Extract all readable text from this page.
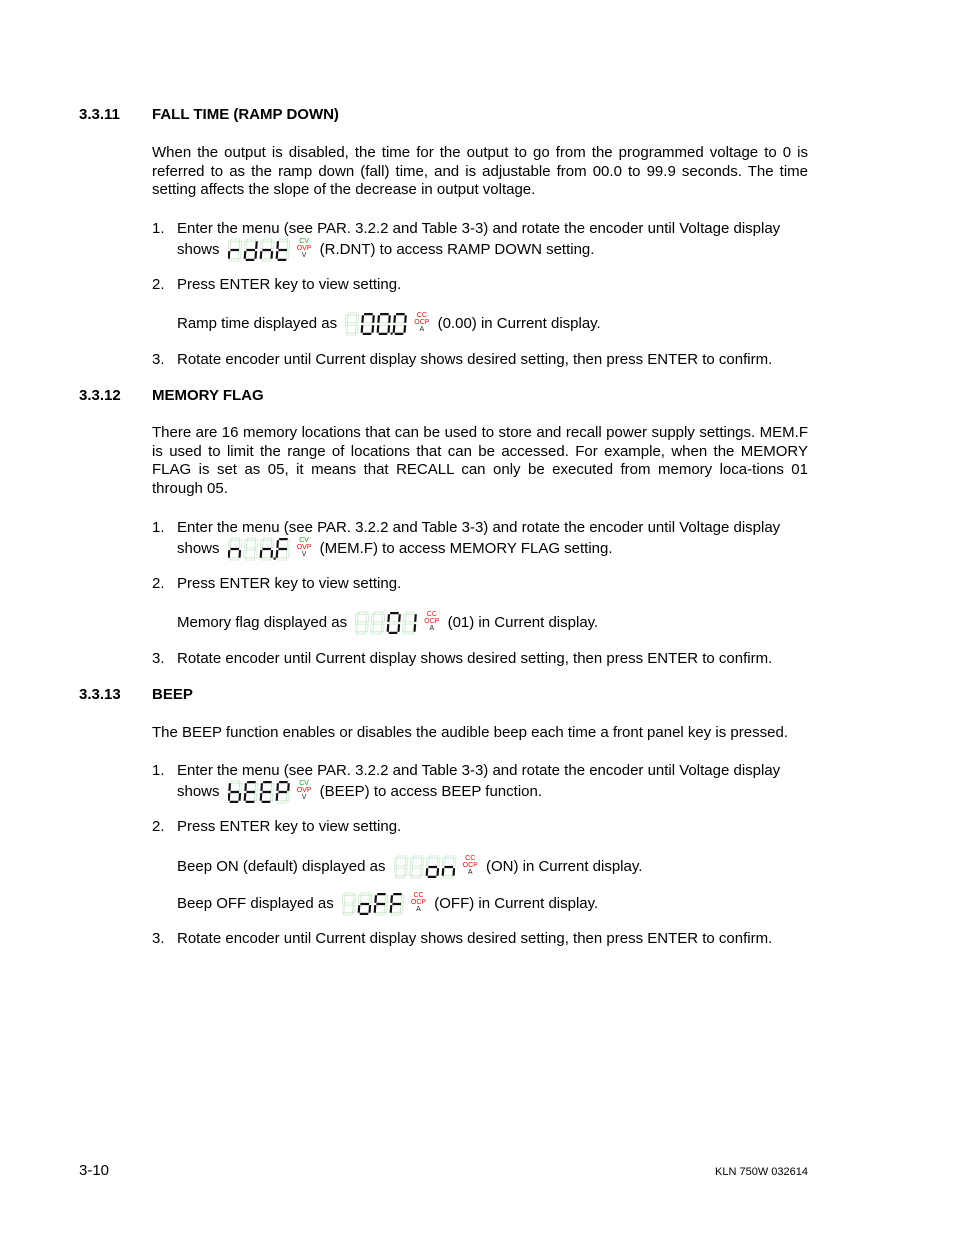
3.3.11 FALL TIME (RAMP DOWN)
When the output is disabled, the time for the output to go from the programmed voltage to 0 is referred to as the ramp down (fall) time, and is adjustable from 00.0 to 99.9 seconds. The time setting affects the slope of the decrease in output voltage.
1. Enter the menu (see PAR. 3.2.2 and Table 3-3) and rotate the encoder until Voltage display
shows	CV
OVP
V (R.DNT) to access RAMP DOWN setting.
2. Press ENTER key to view setting.
Ramp time displayed as	CC
OCP
A (0.00) in Current display.
3. Rotate encoder until Current display shows desired setting, then press ENTER to confirm.
3.3.12 MEMORY FLAG
There are 16 memory locations that can be used to store and recall power supply settings. MEM.F is used to limit the range of locations that can be accessed. For example, when the MEMORY FLAG is set as 05, it means that RECALL can only be executed from memory loca-tions 01 through 05.
1. Enter the menu (see PAR. 3.2.2 and Table 3-3) and rotate the encoder until Voltage display
shows	CV
OVP
V (MEM.F) to access MEMORY FLAG setting.
2. Press ENTER key to view setting.
Memory flag displayed as	CC
OCP
A (01) in Current display.
3. Rotate encoder until Current display shows desired setting, then press ENTER to confirm.
3.3.13 BEEP
The BEEP function enables or disables the audible beep each time a front panel key is pressed.
1. Enter the menu (see PAR. 3.2.2 and Table 3-3) and rotate the encoder until Voltage display
shows	CV
OVP
V (BEEP) to access BEEP function.
2. Press ENTER key to view setting.
Beep ON (default) displayed as	CC
OCP
A (ON) in Current display.
Beep OFF displayed as	CC
OCP
A (OFF) in Current display.
3. Rotate encoder until Current display shows desired setting, then press ENTER to confirm.
3-10	KLN 750W 032614
